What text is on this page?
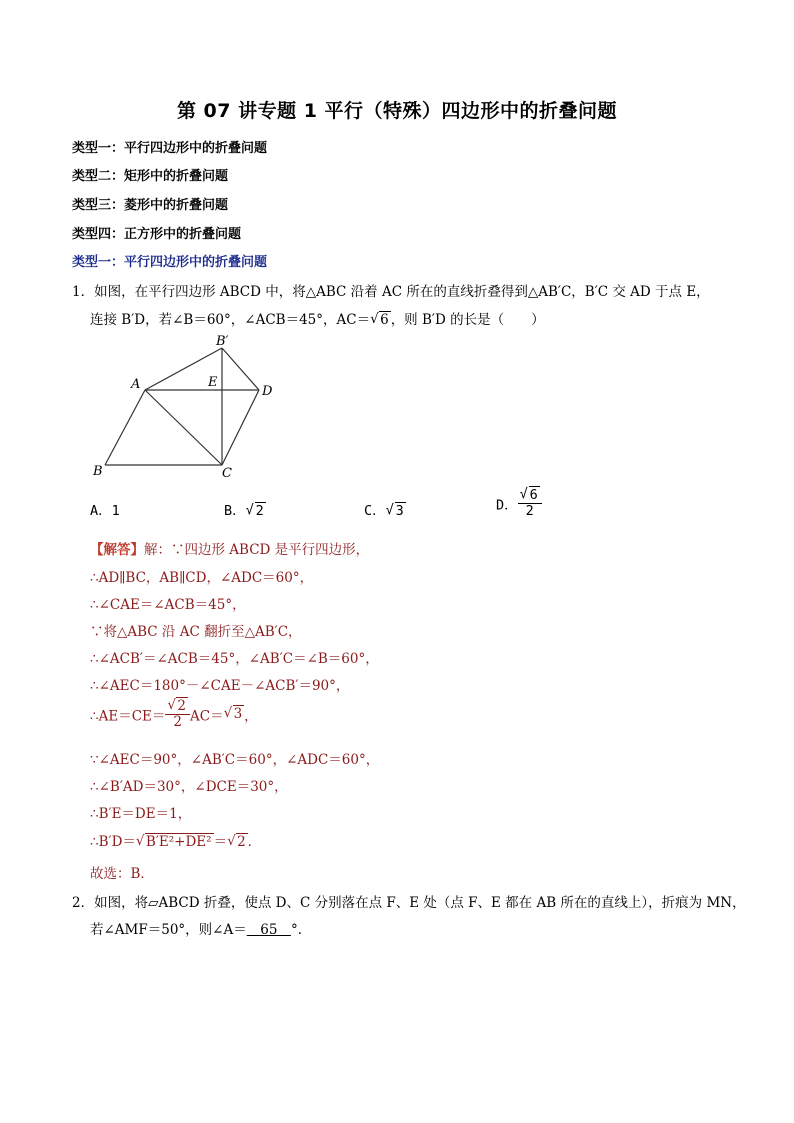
第 07 讲专题 1 平行（特殊）四边形中的折叠问题
类型一：平行四边形中的折叠问题
类型二：矩形中的折叠问题
类型三：菱形中的折叠问题
类型四：正方形中的折叠问题
类型一：平行四边形中的折叠问题
1．如图，在平行四边形 ABCD 中，将△ABC 沿着 AC 所在的直线折叠得到△AB′C，B′C 交 AD 于点 E，
连接 B′D，若∠B＝60°，∠ACB＝45°，AC＝√ 6 ，则 B′D 的长是（　　）
A
B	C
D
E
B′
A．1	B．√ 2	C．√ 3	D．
√ $\frac{6}{2}$
【解答】解：∵四边形 ABCD 是平行四边形，
∴AD∥BC，AB∥CD，∠ADC＝60°，
∴∠CAE＝∠ACB＝45°，
∵将△ABC 沿 AC 翻折至△AB′C，
∴∠ACB′＝∠ACB＝45°，∠AB′C＝∠B＝60°，
∴∠AEC＝180°－∠CAE－∠ACB′＝90°，
∴AE＝CE＝
√ $\frac{2}{2} AC=√$ 3 ，
∵∠AEC＝90°，∠AB′C＝60°，∠ADC＝60°，
∴∠B′AD＝30°，∠DCE＝30°，
∴B′E＝DE＝1，
∴B′D＝√ B′E²+DE² ＝√ 2 ．
故选：B．
2．如图，将▱ABCD 折叠，使点 D、C 分别落在点 F、E 处（点 F、E 都在 AB 所在的直线上），折痕为 MN，
若∠AMF＝50°，则∠A＝　65　°．
